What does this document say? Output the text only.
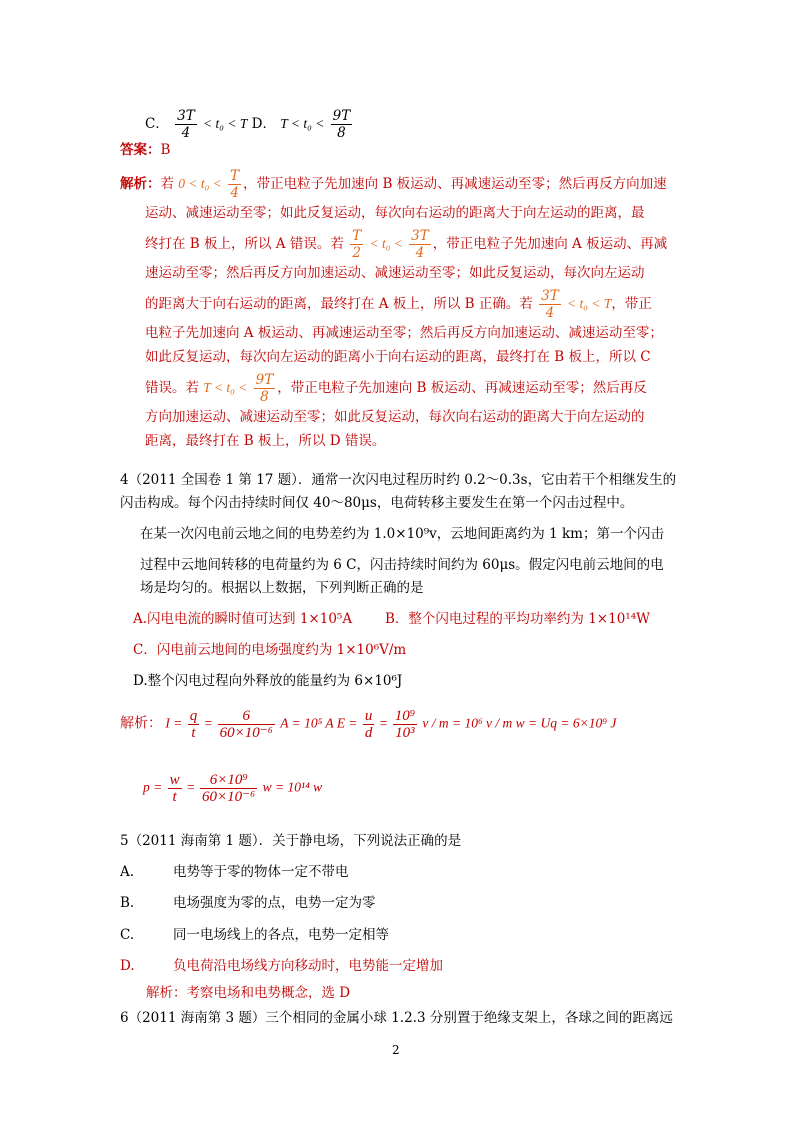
C． $\frac{3T}{4} < t_0 < T$ D． $T < t_0 < \frac{9T}{8}$
答案：B
解析：若 $0 < t_0 < \frac{T}{4}$ ，带正电粒子先加速向 B 板运动、再减速运动至零；然后再反方向加速
运动、减速运动至零；如此反复运动，每次向右运动的距离大于向左运动的距离，最
终打在 B 板上，所以 A 错误。若 $\frac{T}{2} < t_0 < \frac{3T}{4}$ ，带正电粒子先加速向 A 板运动、再减
速运动至零；然后再反方向加速运动、减速运动至零；如此反复运动，每次向左运动
的距离大于向右运动的距离，最终打在 A 板上，所以 B 正确。若 $\frac{3T}{4} < t_0 < T$，带正
电粒子先加速向 A 板运动、再减速运动至零；然后再反方向加速运动、减速运动至零；
如此反复运动，每次向左运动的距离小于向右运动的距离，最终打在 B 板上，所以 C
错误。若 $T < t_0 < \frac{9T}{8}$ ，带正电粒子先加速向 B 板运动、再减速运动至零；然后再反
方向加速运动、减速运动至零；如此反复运动，每次向右运动的距离大于向左运动的
距离，最终打在 B 板上，所以 D 错误。
4（2011 全国卷 1 第 17 题）．通常一次闪电过程历时约 0.2～0.3s，它由若干个相继发生的
闪击构成。每个闪击持续时间仅 40～80μs，电荷转移主要发生在第一个闪击过程中。
在某一次闪电前云地之间的电势差约为 1.0×10⁹v，云地间距离约为 1 km；第一个闪击
过程中云地间转移的电荷量约为 6 C，闪击持续时间约为 60μs。假定闪电前云地间的电
场是均匀的。根据以上数据，下列判断正确的是
A.闪电电流的瞬时值可达到 1×10⁵A B．整个闪电过程的平均功率约为 1×10¹⁴W
C．闪电前云地间的电场强度约为 1×10⁶V/m
D.整个闪电过程向外释放的能量约为 6×10⁶J
解析： $I = \frac{q}{t} = \frac{6}{\text{60×10⁻⁶}}$ A = 10⁵ A $E = \frac{u}{d} = \frac{\text{10⁹}}{\text{10³}}$ v / m = 10⁶ v / m w = Uq = 6×10⁹ J
$p = \frac{w}{t} = \frac{\text{6×10⁹}}{\text{60×10⁻⁶}}$ w = 10¹⁴ w
5（2011 海南第 1 题）．关于静电场，下列说法正确的是
A.	电势等于零的物体一定不带电
B.	电场强度为零的点，电势一定为零
C.	同一电场线上的各点，电势一定相等
D.	负电荷沿电场线方向移动时，电势能一定增加
解析：考察电场和电势概念，选 D
6（2011 海南第 3 题）三个相同的金属小球 1.2.3 分别置于绝缘支架上，各球之间的距离远
2
